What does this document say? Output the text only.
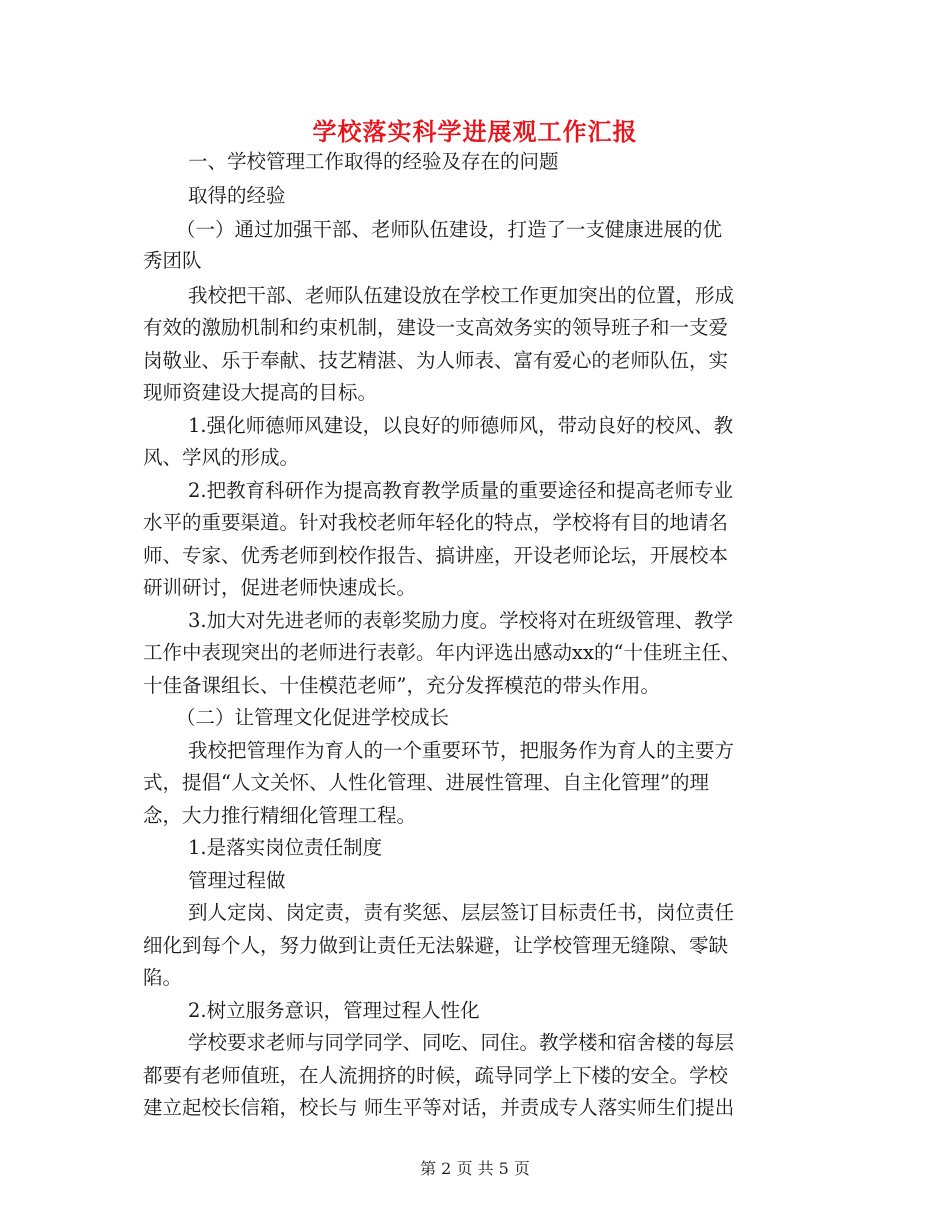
学校落实科学进展观工作汇报
一、学校管理工作取得的经验及存在的问题
取得的经验
（一）通过加强干部、老师队伍建设，打造了一支健康进展的优
秀团队
我校把干部、老师队伍建设放在学校工作更加突出的位置，形成
有效的激励机制和约束机制，建设一支高效务实的领导班子和一支爱
岗敬业、乐于奉献、技艺精湛、为人师表、富有爱心的老师队伍，实
现师资建设大提高的目标。
1.强化师德师风建设，以良好的师德师风，带动良好的校风、教
风、学风的形成。
2.把教育科研作为提高教育教学质量的重要途径和提高老师专业
水平的重要渠道。针对我校老师年轻化的特点，学校将有目的地请名
师、专家、优秀老师到校作报告、搞讲座，开设老师论坛，开展校本
研训研讨，促进老师快速成长。
3.加大对先进老师的表彰奖励力度。学校将对在班级管理、教学
工作中表现突出的老师进行表彰。年内评选出感动xx的“十佳班主任、
十佳备课组长、十佳模范老师”，充分发挥模范的带头作用。
（二）让管理文化促进学校成长
我校把管理作为育人的一个重要环节，把服务作为育人的主要方
式，提倡“人文关怀、人性化管理、进展性管理、自主化管理”的理
念，大力推行精细化管理工程。
1.是落实岗位责任制度
管理过程做
到人定岗、岗定责，责有奖惩、层层签订目标责任书，岗位责任
细化到每个人，努力做到让责任无法躲避，让学校管理无缝隙、零缺
陷。
2.树立服务意识，管理过程人性化
学校要求老师与同学同学、同吃、同住。教学楼和宿舍楼的每层
都要有老师值班，在人流拥挤的时候，疏导同学上下楼的安全。学校
建立起校长信箱，校长与 师生平等对话，并责成专人落实师生们提出
第 2 页 共 5 页
